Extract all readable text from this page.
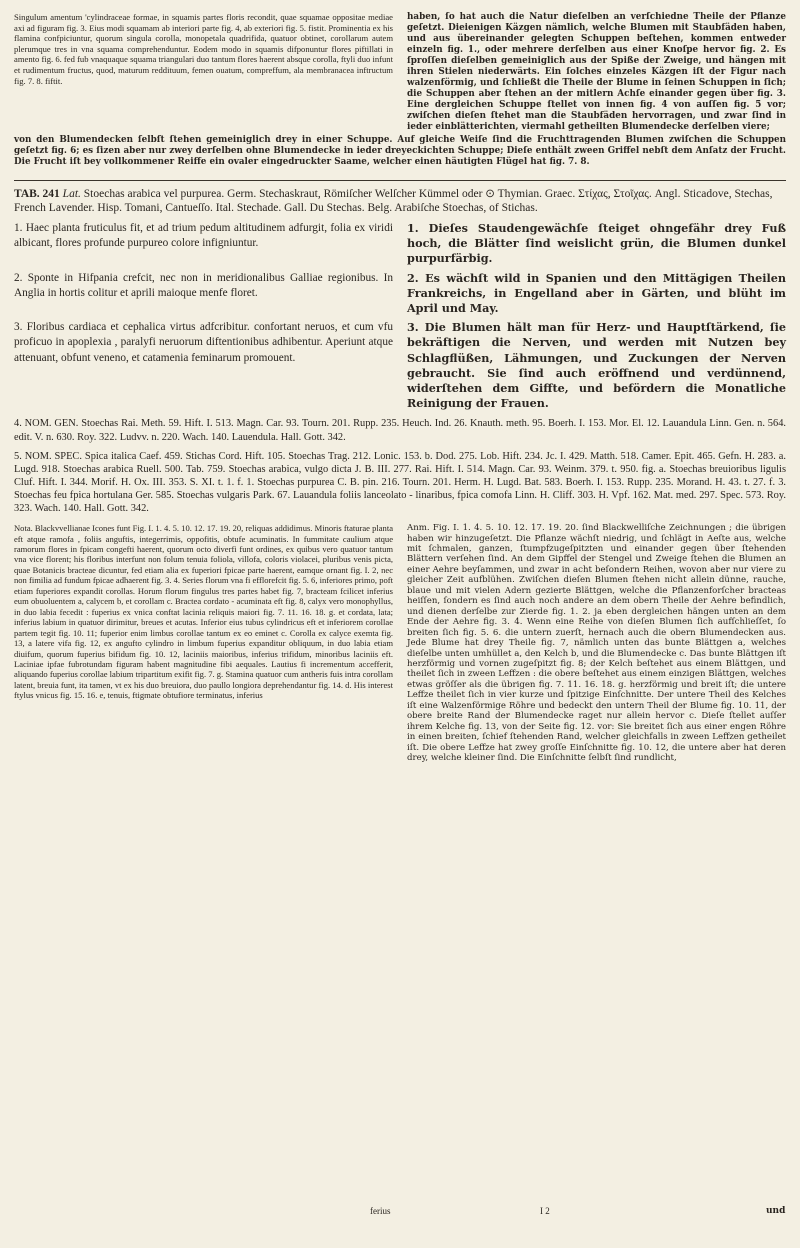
Singulum amentum 'cylindraceae formae, in squamis partes floris recondit, quae squamae oppositae mediae axi ad figuram fig. 3. Eius modi squamam ab interiori parte fig. 4, ab exteriori fig. 5. fistit. Prominentia ex his flamina confpiciuntur, quorum singula corolla, monopetala quadrifida, quatuor obtinet, corollarum autem plerumque tres in vna squama comprehenduntur. Eodem modo in squamis difponuntur flores piftillati in amento fig. 6. fed fub vnaquaque squama triangulari duo tantum flores haerent absque corolla, ftyli duo infunt et rudimentum fructus, quod, maturum reddituum, femen ouatum, compreffum, ala membranacea inftructum fig. 7. 8. fiftit.
haben, ſo hat auch die Natur dieſelben an verſchiedne Theile der Pflanze geſetzt. Dieienigen Käzgen nämlich, welche Blumen mit Staubfäden haben, und aus übereinander gelegten Schuppen beſtehen, kommen entweder einzeln fig. 1., oder mehrere derſelben aus einer Knoſpe hervor fig. 2. Es ſproſſen dieſelben gemeiniglich aus der Spiße der Zweige, und hängen mit ihren Stielen niederwärts. Ein ſolches einzeles Käzgen iſt der Figur nach walzenförmig, und ſchließt die Theile der Blume in ſeinen Schuppen in ſich; die Schuppen aber ſtehen an der mitlern Achſe einander gegen über fig. 3. Eine dergleichen Schuppe ſtellet von innen fig. 4 von auſſen fig. 5 vor; zwiſchen dieſen ſtehet man die Staubfäden hervorragen, und zwar ſind in ieder einblätterichten, viermahl getheilten Blumendecke derſelben viere;
von den Blumendecken ſelbſt ſtehen gemeiniglich drey in einer Schuppe. Auf gleiche Weiſe ſind die Fruchttragenden Blumen zwiſchen die Schuppen geſetzt fig. 6; es ſizen aber nur zwey derſelben ohne Blumendecke in ieder dreyeckichten Schuppe; Dieſe enthält zween Griffel nebſt dem Anſatz der Frucht. Die Frucht iſt bey vollkommener Reiffe ein ovaler eingedruckter Saame, welcher einen häutigten Flügel hat fig. 7. 8.
TAB. 241 Lat. Stoechas arabica vel purpurea. Germ. Stechaskraut, Römiſcher Welſcher Kümmel oder ⊙ Thymian. Graec. Στίχας, Στοῖχας. Angl. Sticadove, Stechas, French Lavender. Hisp. Tomani, Cantueſſo. Ital. Stechade. Gall. Du Stechas. Belg. Arabiſche Stoechas, of Stichas.
1. Haec planta fruticulus fit, et ad trium pedum altitudinem adfurgit, folia ex viridi albicant, flores profunde purpureo colore infigniuntur.
1. Dieſes Staudengewächſe ſteiget ohngefähr drey Fuß hoch, die Blätter ſind weislicht grün, die Blumen dunkel purpurfärbig.
2. Sponte in Hifpania crefcit, nec non in meridionalibus Galliae regionibus. In Anglia in hortis colitur et aprili maioque menfe floret.
2. Es wächſt wild in Spanien und den Mittägigen Theilen Frankreichs, in Engelland aber in Gärten, und blüht im April und May.
3. Floribus cardiaca et cephalica virtus adfcribitur. confortant neruos, et cum vfu proficuo in apoplexia , paralyfi neruorum diftentionibus adhibentur. Aperiunt atque attenuant, obfunt veneno, et catamenia feminarum promouent.
3. Die Blumen hält man für Herz- und Hauptſtärkend, ſie bekräftigen die Nerven, und werden mit Nutzen bey Schlagflüßen, Lähmungen, und Zuckungen der Nerven gebraucht. Sie ſind auch eröffnend und verdünnend, widerſtehen dem Giffte, und befördern die Monatliche Reinigung der Frauen.
4. NOM. GEN. Stoechas Rai. Meth. 59. Hift. I. 513. Magn. Car. 93. Tourn. 201. Rupp. 235. Heuch. Ind. 26. Knauth. meth. 95. Boerh. I. 153. Mor. El. 12. Lauandula Linn. Gen. n. 564. edit. V. n. 630. Roy. 322. Ludvv. n. 220. Wach. 140. Lauendula. Hall. Gott. 342.
5. NOM. SPEC. Spica italica Caef. 459. Stichas Cord. Hift. 105. Stoechas Trag. 212. Lonic. 153. b. Dod. 275. Lob. Hift. 234. Jc. I. 429. Matth. 518. Camer. Epit. 465. Gefn. H. 283. a. Lugd. 918. Stoechas arabica Ruell. 500. Tab. 759. Stoechas arabica, vulgo dicta J. B. III. 277. Rai. Hift. I. 514. Magn. Car. 93. Weinm. 379. t. 950. fig. a. Stoechas breuioribus ligulis Cluf. Hift. I. 344. Morif. H. Ox. III. 353. S. XI. t. 1. f. 1. Stoechas purpurea C. B. pin. 216. Tourn. 201. Herm. H. Lugd. Bat. 583. Boerh. I. 153. Rupp. 235. Morand. H. 43. t. 27. f. 3. Stoechas feu fpica hortulana Ger. 585. Stoechas vulgaris Park. 67. Lauandula foliis lanceolato - linaribus, fpica comofa Linn. H. Cliff. 303. H. Vpf. 162. Mat. med. 297. Spec. 573. Roy. 323. Wach. 140. Hall. Gott. 342.
Nota. Blackvvellianae Icones funt Fig. I. 1. 4. 5. 10. 12. 17. 19. 20, reliquas addidimus. Minoris ftaturae planta eft atque ramofa , foliis anguftis, integerrimis, oppofitis, obtufe acuminatis. In fummitate caulium atque ramorum flores in fpicam congefti haerent, quorum octo diverfi funt ordines, ex quibus vero quatuor tantum vna vice florent; his floribus interfunt non folum tenuia foliola, villofa, coloris violacei, pluribus venis picta, quae Botanicis bracteae dicuntur, fed etiam alia ex fuperiori fpicae parte haerent, eamque ornant fig. I. 2, nec non fimilia ad fundum fpicae adhaerent fig. 3. 4. Series florum vna fi efflorefcit fig. 5. 6, inferiores primo, poft etiam fuperiores expandit corollas. Horum florum fingulus tres partes habet fig. 7, bracteam fcilicet inferius eum obuoluentem a, calycem b, et corollam c. Bractea cordato - acuminata eft fig. 8, calyx vero monophyllus, in duo labia fecedit : fuperius ex vnica conftat lacinia reliquis maiori fig. 7. 11. 16. 18. g. et cordata, lata; inferius labium in quatuor dirimitur, breues et acutas. Inferior eius tubus cylindricus eft et inferiorem corollae partem tegit fig. 10. 11; fuperior enim limbus corollae tantum ex eo eminet c. Corolla ex calyce exemta fig. 13, a latere vifa fig. 12, ex angufto cylindro in limbum fuperius expanditur obliquum, in duo labia etiam diuifum, quorum fuperius bifidum fig. 10. 12, laciniis maioribus, inferius trifidum, minoribus laciniis eft. Laciniae ipfae fubrotundam figuram habent magnitudine fibi aequales. Lautius fi incrementum accefferit, aliquando fuperius corollae labium tripartitum exifit fig. 7. g. Stamina quatuor cum antheris fuis intra corollam latent, breuia funt, ita tamen, vt ex his duo breuiora, duo paullo longiora deprehendantur fig. 14. d. His interest ftylus vnicus fig. 15. 16. e, tenuis, ftigmate obtufiore terminatus, inferius
Anm. Fig. I. 1. 4. 5. 10. 12. 17. 19. 20. ſind Blackwelliſche Zeichnungen ; die übrigen haben wir hinzugeſetzt. Die Pflanze wächſt niedrig, und ſchlägt in Aeſte aus, welche mit ſchmalen, ganzen, ſtumpfzugeſpitzten und einander gegen über ſtehenden Blättern verſehen ſind. An dem Gipffel der Stengel und Zweige ſtehen die Blumen an einer Aehre beyſammen, und zwar in acht beſondern Reihen, wovon aber nur viere zu gleicher Zeit aufblühen. Zwiſchen dieſen Blumen ſtehen nicht allein dünne, rauche, blaue und mit vielen Adern gezierte Blättgen, welche die Pflanzenforſcher bracteas heiſſen, ſondern es ſind auch noch andere an dem obern Theile der Aehre befindlich, und dienen derſelbe zur Zierde fig. 1. 2. ja eben dergleichen hängen unten an dem Ende der Aehre fig. 3. 4. Wenn eine Reihe von dieſen Blumen ſich aufſchlieſſet, ſo breiten ſich fig. 5. 6. die untern zuerſt, hernach auch die obern Blumendecken aus. Jede Blume hat drey Theile fig. 7, nämlich unten das bunte Blättgen a, welches dieſelbe unten umhüllet a, den Kelch b, und die Blumendecke c. Das bunte Blättgen iſt herzförmig und vornen zugeſpitzt fig. 8; der Kelch beſtehet aus einem Blättgen, und theilet ſich in zween Leffzen : die obere beſtehet aus einem einzigen Blättgen, welches etwas gröſſer als die übrigen fig. 7. 11. 16. 18. g. herzförmig und breit iſt; die untere Leffze theilet ſich in vier kurze und ſpitzige Einſchnitte. Der untere Theil des Kelches iſt eine Walzenförmige Röhre und bedeckt den untern Theil der Blume fig. 10. 11, der obere breite Rand der Blumendecke raget nur allein hervor c. Dieſe ſtellet auſſer ihrem Kelche fig. 13, von der Seite fig. 12. vor: Sie breitet ſich aus einer engen Röhre in einen breiten, ſchief ſtehenden Rand, welcher gleichfalls in zween Leffzen getheilet iſt. Die obere Leffze hat zwey groſſe Einſchnitte fig. 10. 12, die untere aber hat deren drey, welche kleiner ſind. Die Einſchnitte ſelbſt ſind rundlicht,
ferius	I 2	und
